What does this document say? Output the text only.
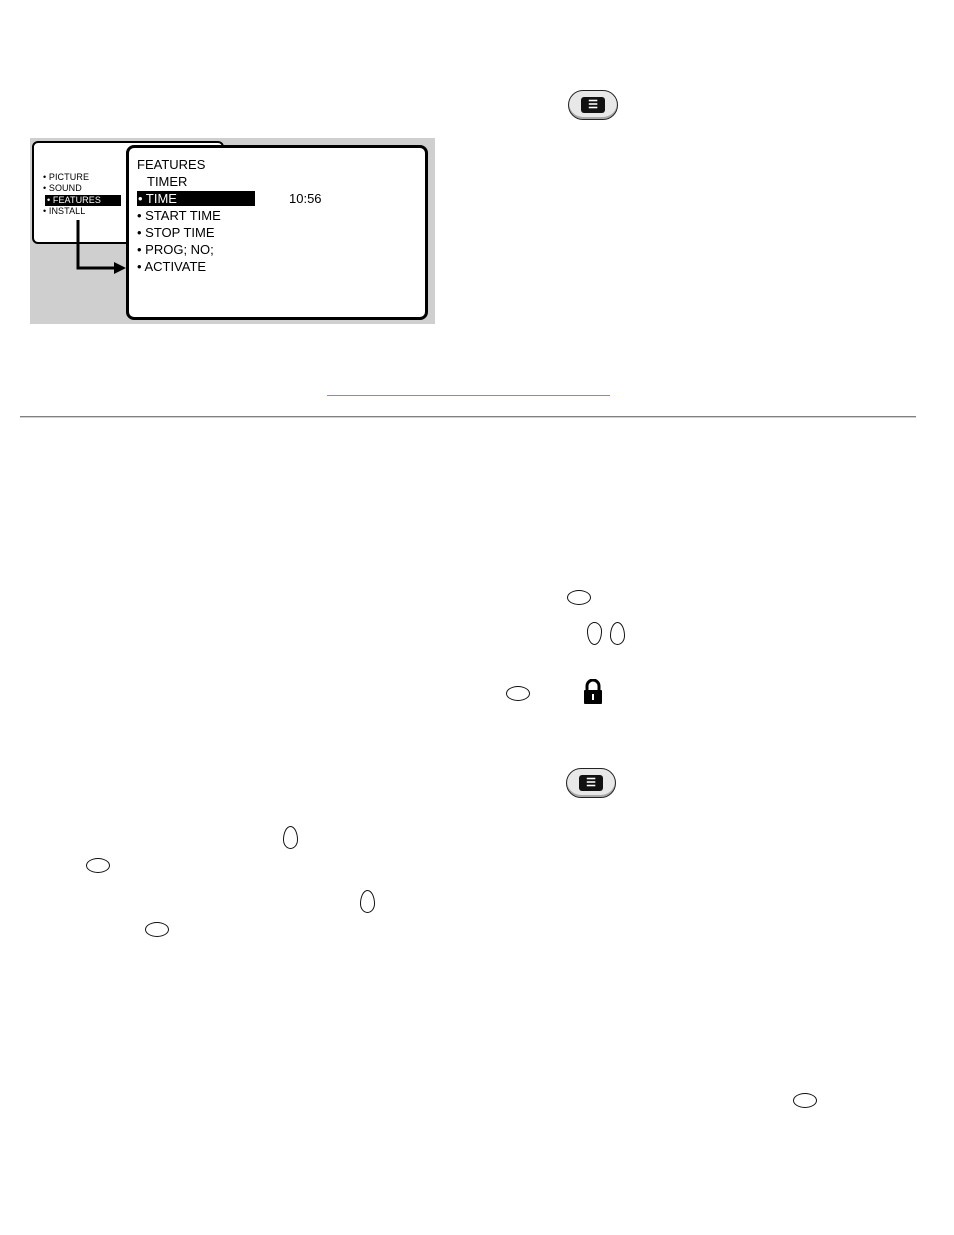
☰
• PICTURE
• SOUND
• FEATURES
• INSTALL
FEATURES
TIMER
• TIME	10:56
• START TIME
• STOP TIME
• PROG; NO;
• ACTIVATE
☰
